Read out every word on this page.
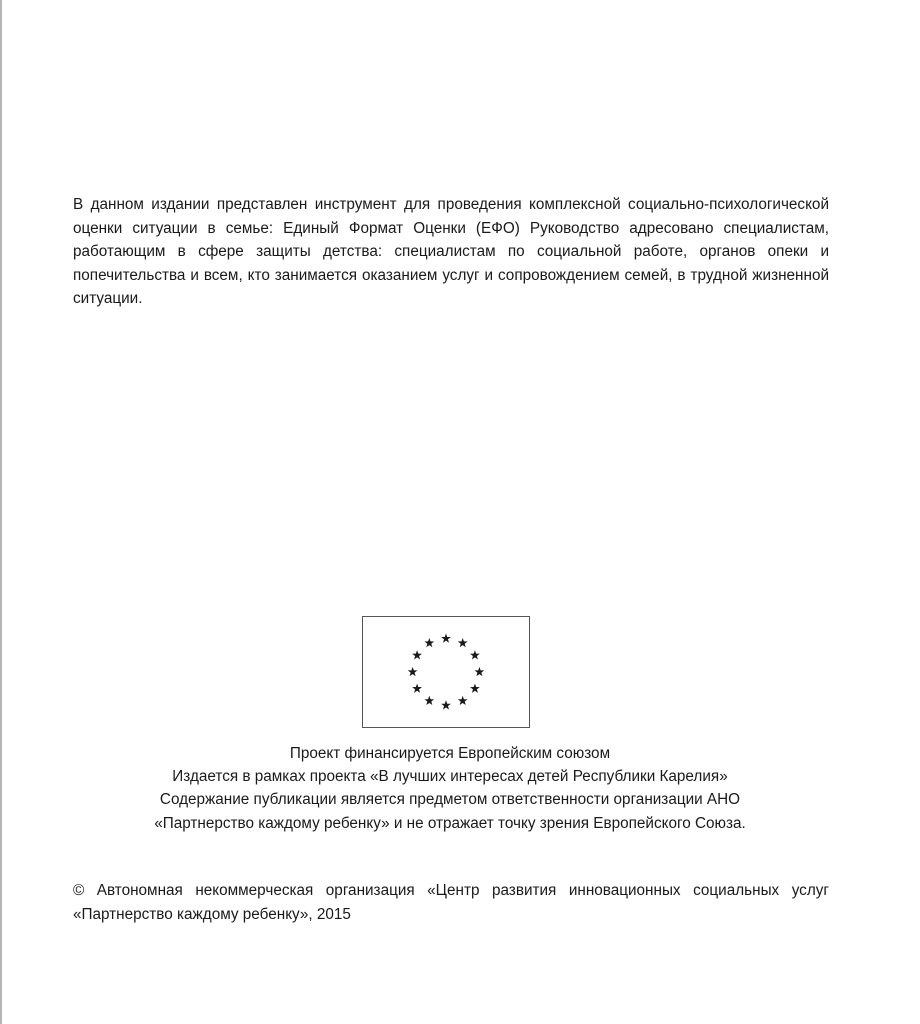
В данном издании представлен инструмент для проведения комплексной социально-психологической оценки ситуации в семье: Единый Формат Оценки (ЕФО) Руководство адресовано специалистам, работающим в сфере защиты детства: специалистам по социальной работе, органов опеки и попечительства и всем, кто занимается оказанием услуг и сопровождением семей, в трудной жизненной ситуации.

Проект финансируется Европейским союзом
Издается в рамках проекта «В лучших интересах детей Республики Карелия»
Содержание публикации является предметом ответственности организации АНО
«Партнерство каждому ребенку» и не отражает точку зрения Европейского Союза.

© Автономная некоммерческая организация «Центр развития инновационных социальных услуг «Партнерство каждому ребенку», 2015
